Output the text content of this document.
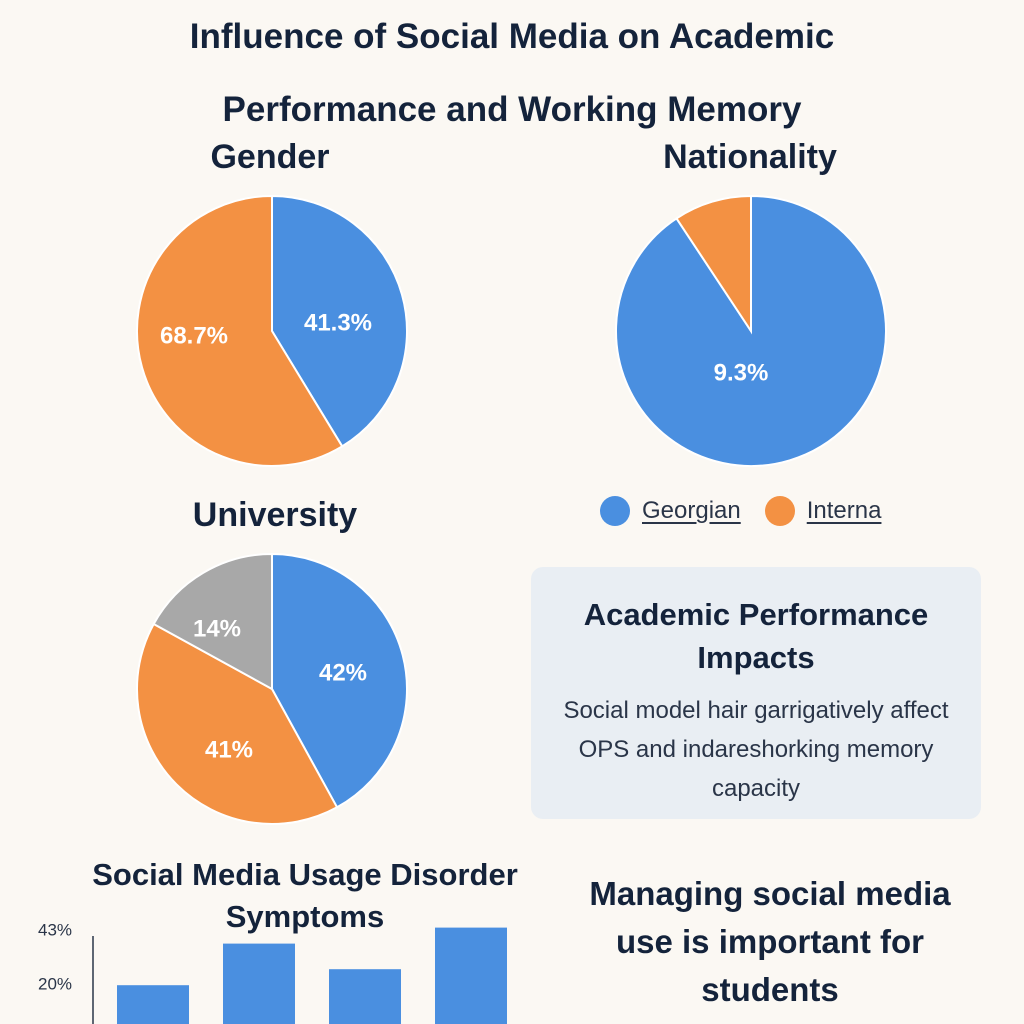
Influence of Social Media on Academic
Performance and Working Memory
Gender
41.3%
68.7%
Nationality
9.3%
Georgian	Interna
University
42%
41%
14%	Academic Performance Impacts
Social model hair garrigatively affect OPS and indareshorking memory capacity
Social Media Usage Disorder Symptoms
43%
20%
Managing social media
use is important for
students
